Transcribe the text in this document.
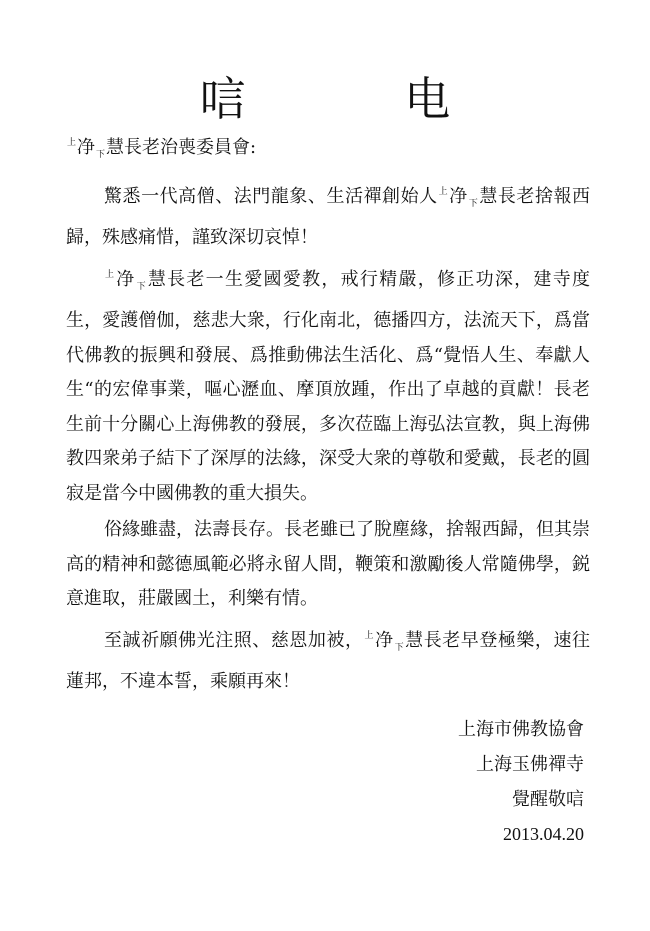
唁 电

$^上$净$_下$慧長老治喪委員會:

驚悉一代高僧、法門龍象、生活禪創始人$^上$净$_下$慧長老捨報西歸，殊感痛惜，謹致深切哀悼！

$^上$净$_下$慧長老一生愛國愛教，戒行精嚴，修正功深，建寺度生，愛護僧伽，慈悲大衆，行化南北，德播四方，法流天下，爲當代佛教的振興和發展、爲推動佛法生活化、爲“覺悟人生、奉獻人生“的宏偉事業，嘔心瀝血、摩頂放踵，作出了卓越的貢獻！長老生前十分關心上海佛教的發展，多次莅臨上海弘法宣教，與上海佛教四衆弟子結下了深厚的法緣，深受大衆的尊敬和愛戴，長老的圓寂是當今中國佛教的重大損失。

俗緣雖盡，法壽長存。長老雖已了脫塵緣，捨報西歸，但其崇高的精神和懿德風範必將永留人間，鞭策和激勵後人常隨佛學，鋭意進取，莊嚴國土，利樂有情。

至誠祈願佛光注照、慈恩加被，$^上$净$_下$慧長老早登極樂，速往蓮邦，不違本誓，乘願再來！

上海市佛教協會
上海玉佛禪寺
覺醒敬唁
2013.04.20
